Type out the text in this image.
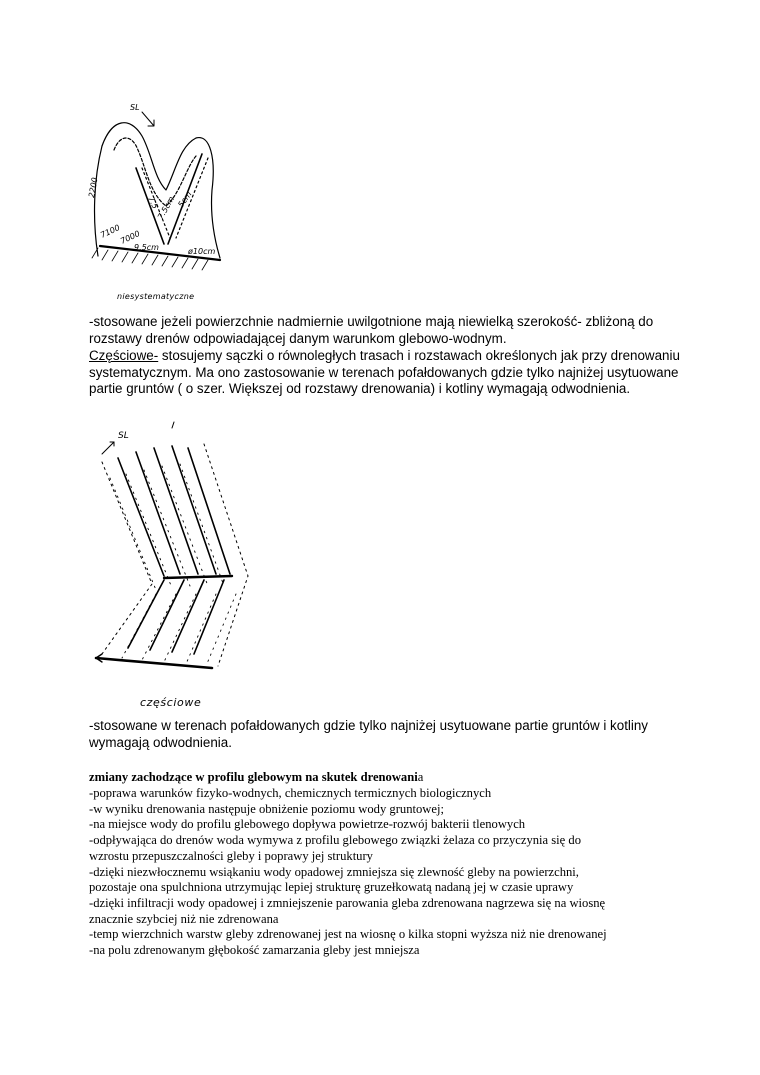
SL
2200
7100
7000
9.5cm
7.5 5cm
7.5cm
ø10cm
niesystematyczne
-stosowane jeżeli powierzchnie nadmiernie uwilgotnione mają niewielką szerokość- zbliżoną do rozstawy drenów odpowiadającej danym warunkom glebowo-wodnym.
Częściowe- stosujemy sączki o równoległych trasach i rozstawach określonych jak przy drenowaniu systematycznym. Ma ono zastosowanie w terenach pofałdowanych gdzie tylko najniżej usytuowane partie gruntów ( o szer. Większej od rozstawy drenowania) i kotliny wymagają odwodnienia.
SL
częściowe
-stosowane w terenach pofałdowanych gdzie tylko najniżej usytuowane partie gruntów i kotliny wymagają odwodnienia.
zmiany zachodzące w profilu glebowym na skutek drenowania
-poprawa warunków fizyko-wodnych, chemicznych termicznych biologicznych
-w wyniku drenowania następuje obniżenie poziomu wody gruntowej;
-na miejsce wody do profilu glebowego dopływa powietrze-rozwój bakterii tlenowych
-odpływająca do drenów woda wymywa z profilu glebowego związki żelaza co przyczynia się do
wzrostu przepuszczalności gleby i poprawy jej struktury
-dzięki niezwłocznemu wsiąkaniu wody opadowej zmniejsza się zlewność gleby na powierzchni,
pozostaje ona spulchniona utrzymując lepiej strukturę gruzełkowatą nadaną jej w czasie uprawy
-dzięki infiltracji wody opadowej i zmniejszenie parowania gleba zdrenowana nagrzewa się na wiosnę
znacznie szybciej niż nie zdrenowana
-temp wierzchnich warstw gleby zdrenowanej jest na wiosnę o kilka stopni wyższa niż nie drenowanej
-na polu zdrenowanym głębokość zamarzania gleby jest mniejsza
